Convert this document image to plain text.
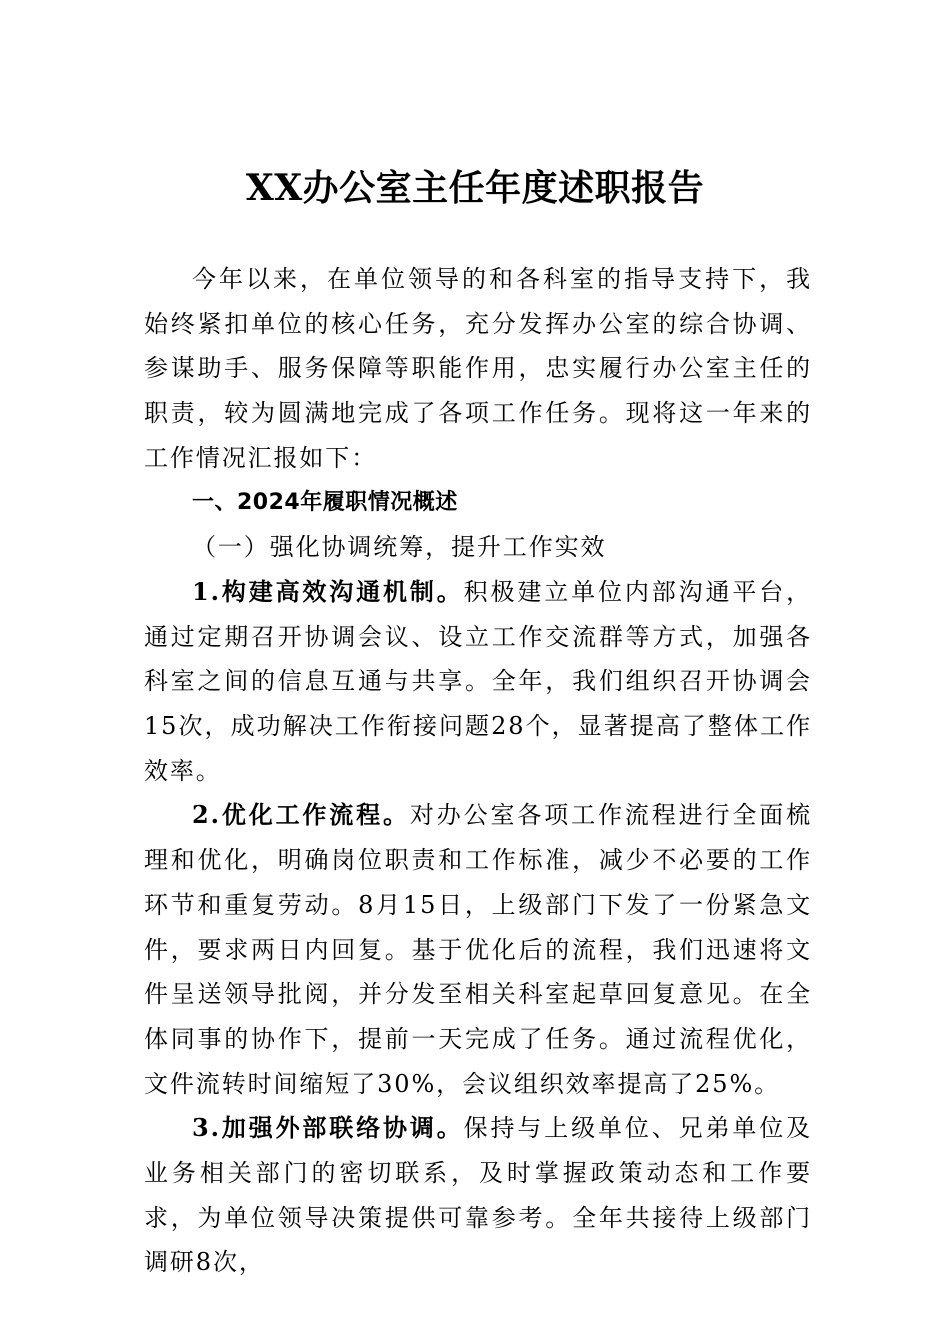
XX办公室主任年度述职报告

今年以来，在单位领导的和各科室的指导支持下，我始终紧扣单位的核心任务，充分发挥办公室的综合协调、参谋助手、服务保障等职能作用，忠实履行办公室主任的职责，较为圆满地完成了各项工作任务。现将这一年来的工作情况汇报如下：

一、2024年履职情况概述

（一）强化协调统筹，提升工作实效

1.构建高效沟通机制。积极建立单位内部沟通平台，通过定期召开协调会议、设立工作交流群等方式，加强各科室之间的信息互通与共享。全年，我们组织召开协调会15次，成功解决工作衔接问题28个，显著提高了整体工作效率。

2.优化工作流程。对办公室各项工作流程进行全面梳理和优化，明确岗位职责和工作标准，减少不必要的工作环节和重复劳动。8月15日，上级部门下发了一份紧急文件，要求两日内回复。基于优化后的流程，我们迅速将文件呈送领导批阅，并分发至相关科室起草回复意见。在全体同事的协作下，提前一天完成了任务。通过流程优化，文件流转时间缩短了30%，会议组织效率提高了25%。

3.加强外部联络协调。保持与上级单位、兄弟单位及业务相关部门的密切联系，及时掌握政策动态和工作要求，为单位领导决策提供可靠参考。全年共接待上级部门调研8次，
